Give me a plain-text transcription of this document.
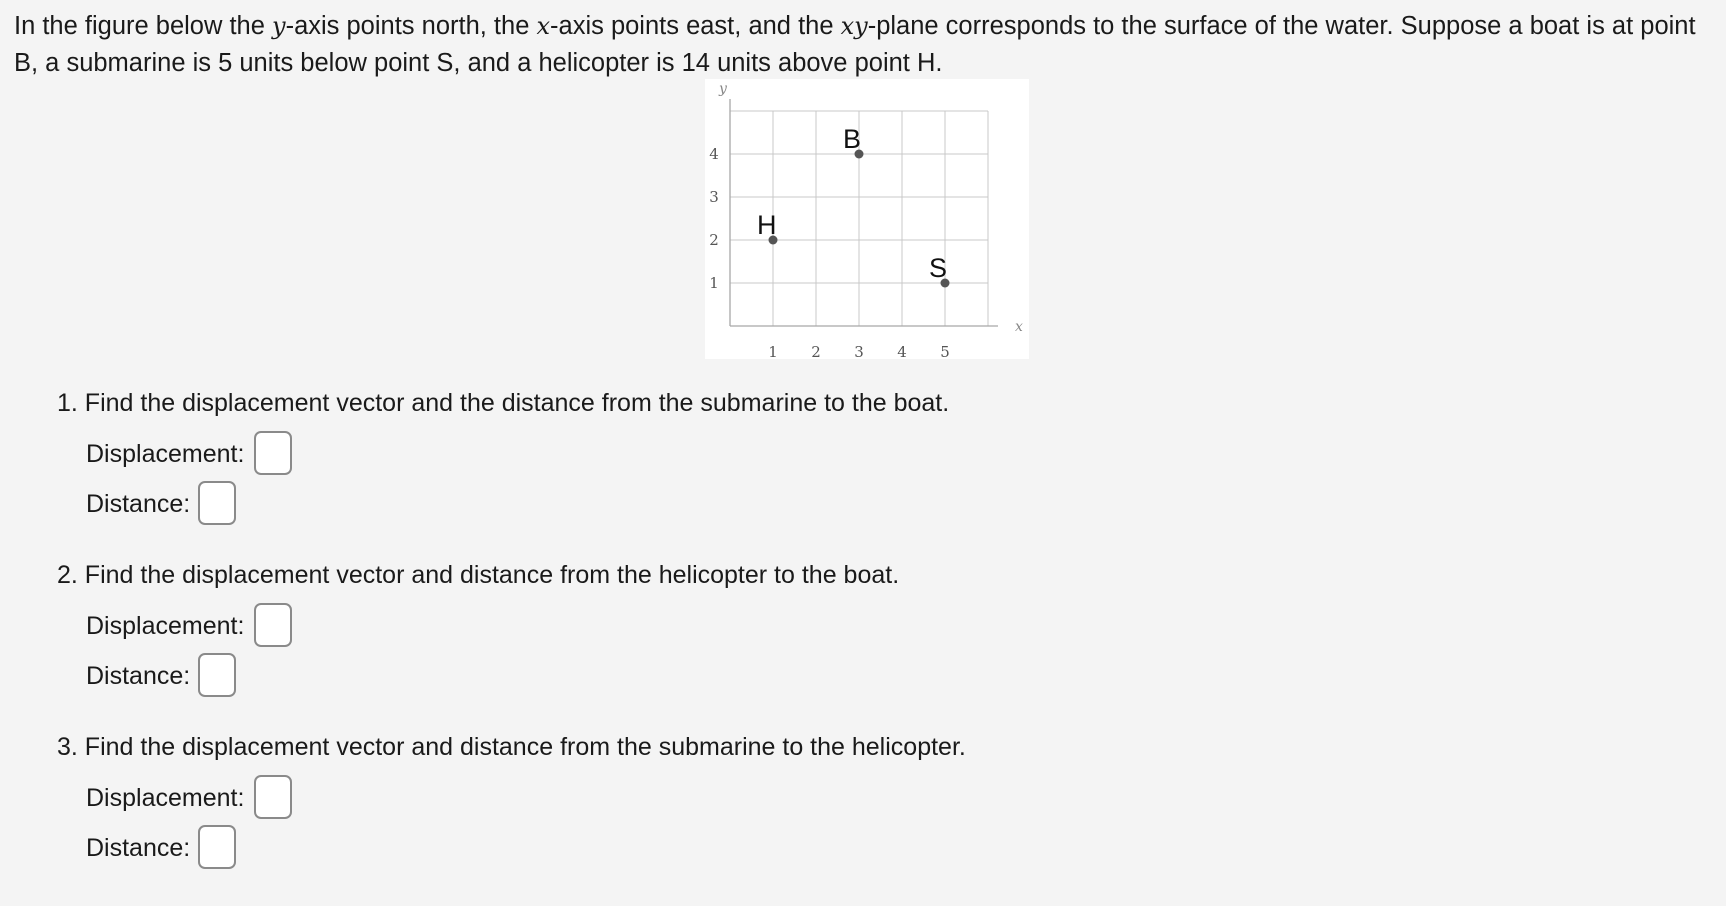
In the figure below the y-axis points north, the x-axis points east, and the xy-plane corresponds to the surface of the water. Suppose a boat is at point B, a submarine is 5 units below point S, and a helicopter is 14 units above point H.

y
x
1 2 3 4 5
1
2
3
4	B
H
S

1. Find the displacement vector and the distance from the submarine to the boat.

Displacement:
Distance:

2. Find the displacement vector and distance from the helicopter to the boat.

Displacement:
Distance:

3. Find the displacement vector and distance from the submarine to the helicopter.

Displacement:
Distance:
